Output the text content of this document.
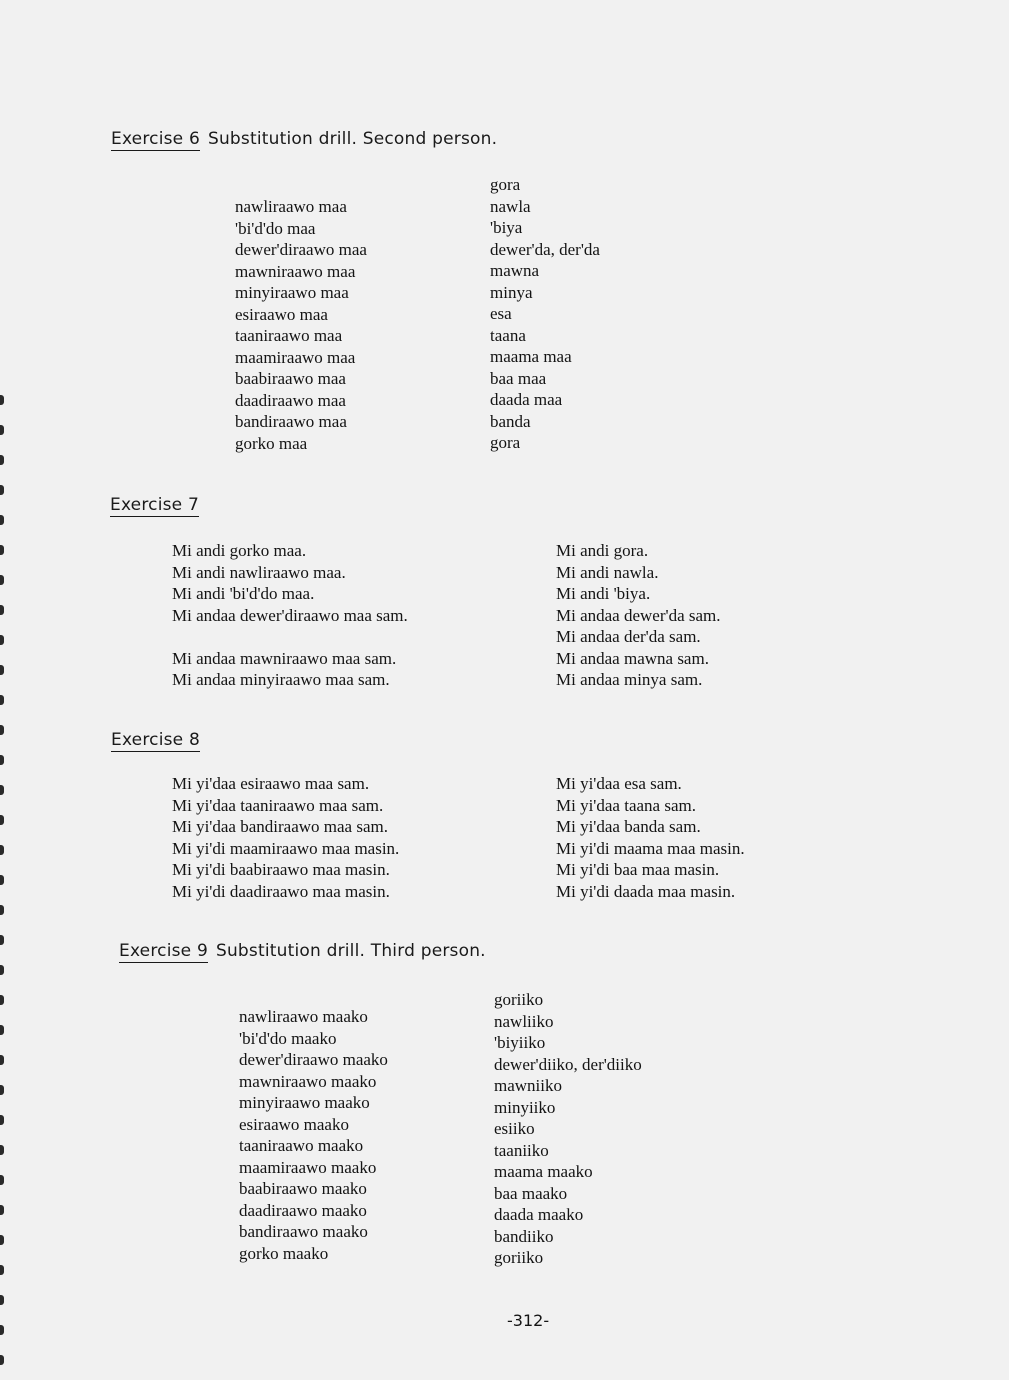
Exercise 6 Substitution drill. Second person.
nawliraawo maa
'bi'd'do maa
dewer'diraawo maa
mawniraawo maa
minyiraawo maa
esiraawo maa
taaniraawo maa
maamiraawo maa
baabiraawo maa
daadiraawo maa
bandiraawo maa
gorko maa
gora
nawla
'biya
dewer'da, der'da
mawna
minya
esa
taana
maama maa
baa maa
daada maa
banda
gora
Exercise 7
Mi andi gorko maa.
Mi andi nawliraawo maa.
Mi andi 'bi'd'do maa.
Mi andaa dewer'diraawo maa sam.
Mi andaa mawniraawo maa sam.
Mi andaa minyiraawo maa sam.
Mi andi gora.
Mi andi nawla.
Mi andi 'biya.
Mi andaa dewer'da sam.
Mi andaa der'da sam.
Mi andaa mawna sam.
Mi andaa minya sam.
Exercise 8
Mi yi'daa esiraawo maa sam.
Mi yi'daa taaniraawo maa sam.
Mi yi'daa bandiraawo maa sam.
Mi yi'di maamiraawo maa masin.
Mi yi'di baabiraawo maa masin.
Mi yi'di daadiraawo maa masin.
Mi yi'daa esa sam.
Mi yi'daa taana sam.
Mi yi'daa banda sam.
Mi yi'di maama maa masin.
Mi yi'di baa maa masin.
Mi yi'di daada maa masin.
Exercise 9 Substitution drill. Third person.
nawliraawo maako
'bi'd'do maako
dewer'diraawo maako
mawniraawo maako
minyiraawo maako
esiraawo maako
taaniraawo maako
maamiraawo maako
baabiraawo maako
daadiraawo maako
bandiraawo maako
gorko maako
goriiko
nawliiko
'biyiiko
dewer'diiko, der'diiko
mawniiko
minyiiko
esiiko
taaniiko
maama maako
baa maako
daada maako
bandiiko
goriiko
-312-
